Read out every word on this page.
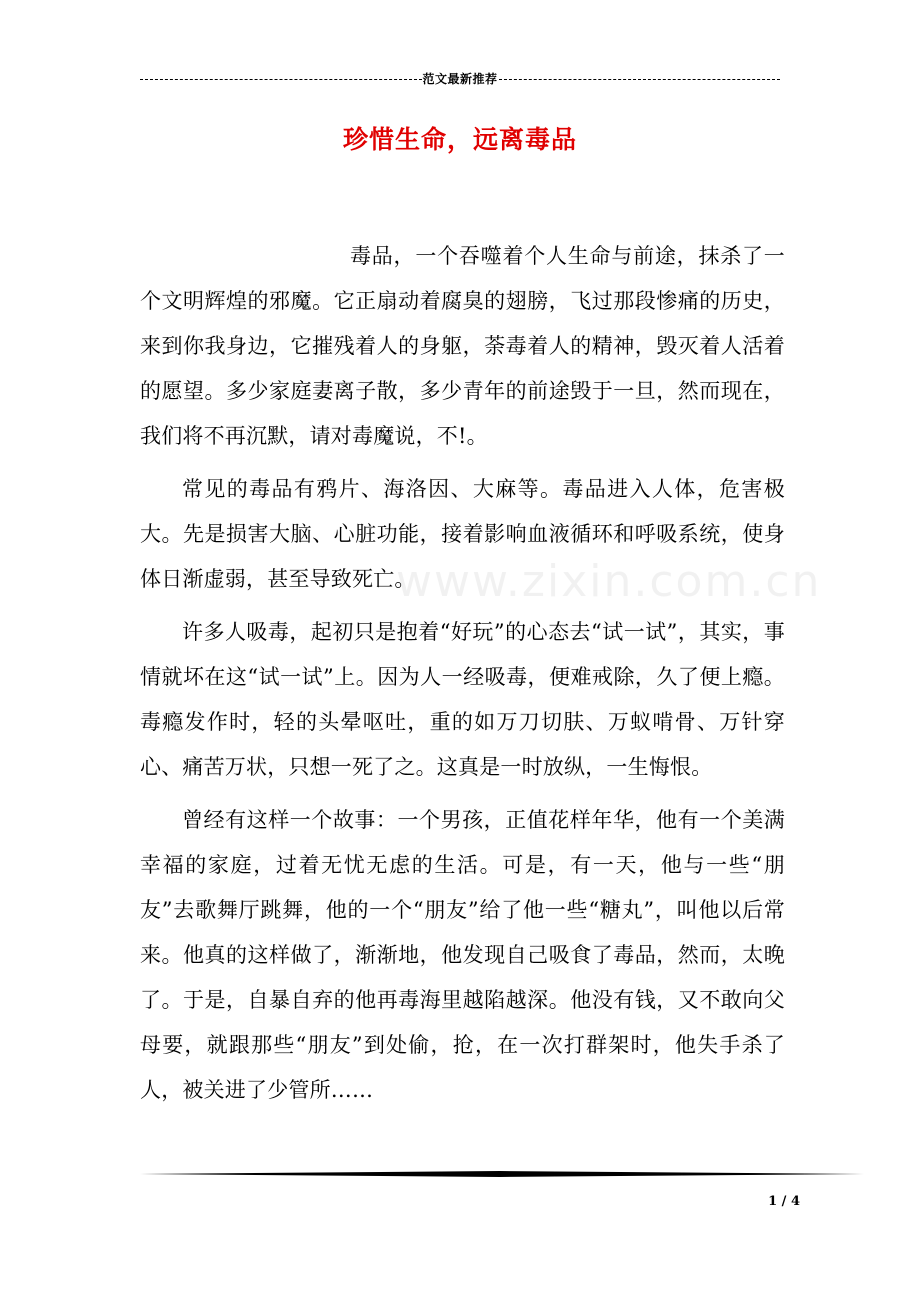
范文最新推荐
珍惜生命，远离毒品
www.zixin.com.cn

毒品，一个吞噬着个人生命与前途，抹杀了一个文明辉煌的邪魔。它正扇动着腐臭的翅膀，飞过那段惨痛的历史，来到你我身边，它摧残着人的身躯，荼毒着人的精神，毁灭着人活着的愿望。多少家庭妻离子散，多少青年的前途毁于一旦，然而现在，我们将不再沉默，请对毒魔说，不!。

常见的毒品有鸦片、海洛因、大麻等。毒品进入人体，危害极大。先是损害大脑、心脏功能，接着影响血液循环和呼吸系统，使身体日渐虚弱，甚至导致死亡。

许多人吸毒，起初只是抱着“好玩”的心态去“试一试”，其实，事情就坏在这“试一试”上。因为人一经吸毒，便难戒除，久了便上瘾。毒瘾发作时，轻的头晕呕吐，重的如万刀切肤、万蚁啃骨、万针穿心、痛苦万状，只想一死了之。这真是一时放纵，一生悔恨。

曾经有这样一个故事：一个男孩，正值花样年华，他有一个美满幸福的家庭，过着无忧无虑的生活。可是，有一天，他与一些“朋友”去歌舞厅跳舞，他的一个“朋友”给了他一些“糖丸”，叫他以后常来。他真的这样做了，渐渐地，他发现自己吸食了毒品，然而，太晚了。于是，自暴自弃的他再毒海里越陷越深。他没有钱，又不敢向父母要，就跟那些“朋友”到处偷，抢，在一次打群架时，他失手杀了人，被关进了少管所……

1 / 4
